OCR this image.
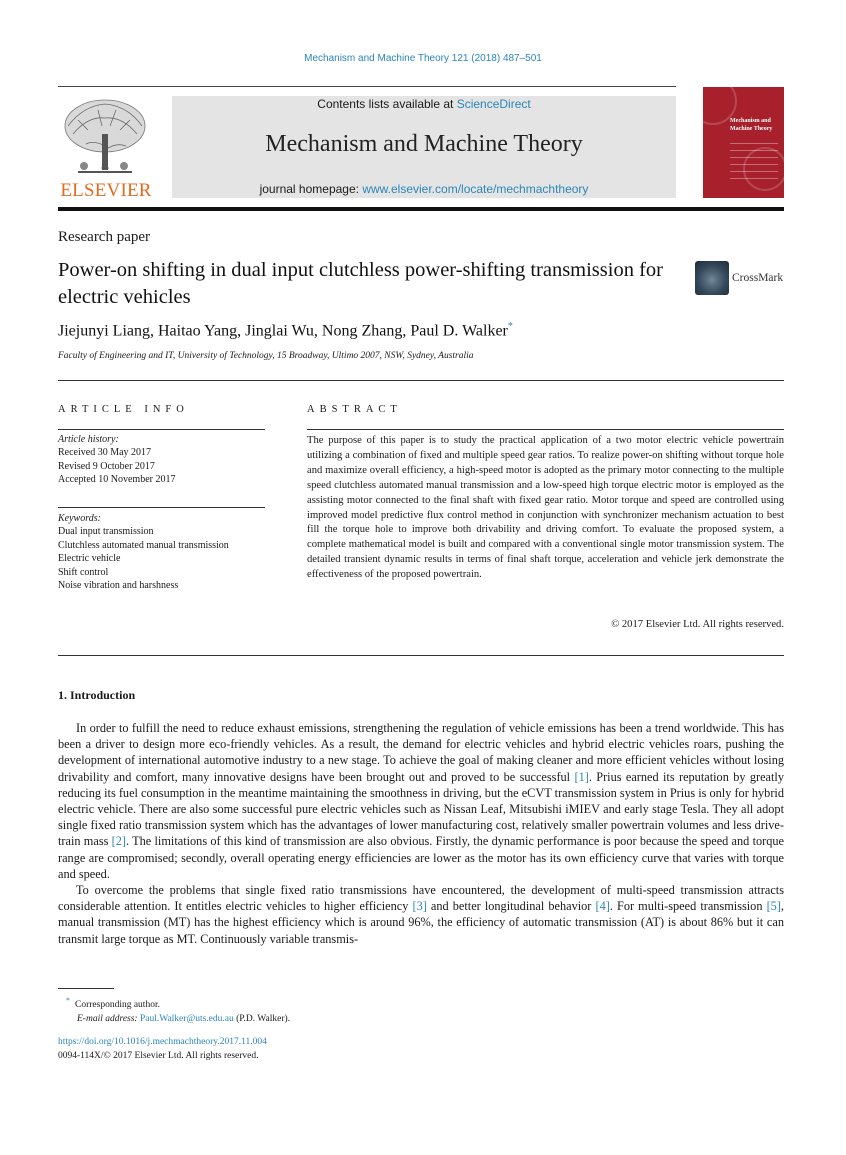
Mechanism and Machine Theory 121 (2018) 487–501
ELSEVIER
Contents lists available at ScienceDirect
Mechanism and Machine Theory
journal homepage: www.elsevier.com/locate/mechmachtheory
Mechanism and Machine Theory
Research paper
Power-on shifting in dual input clutchless power-shifting transmission for electric vehicles
CrossMark
Jiejunyi Liang, Haitao Yang, Jinglai Wu, Nong Zhang, Paul D. Walker*
Faculty of Engineering and IT, University of Technology, 15 Broadway, Ultimo 2007, NSW, Sydney, Australia
ARTICLE INFO
Article history:
Received 30 May 2017
Revised 9 October 2017
Accepted 10 November 2017
Keywords:
Dual input transmission
Clutchless automated manual transmission
Electric vehicle
Shift control
Noise vibration and harshness
ABSTRACT
The purpose of this paper is to study the practical application of a two motor electric vehicle powertrain utilizing a combination of fixed and multiple speed gear ratios. To realize power-on shifting without torque hole and maximize overall efficiency, a high-speed motor is adopted as the primary motor connecting to the multiple speed clutchless automated manual transmission and a low-speed high torque electric motor is employed as the assisting motor connected to the final shaft with fixed gear ratio. Motor torque and speed are controlled using improved model predictive flux control method in conjunction with synchronizer mechanism actuation to best fill the torque hole to improve both drivability and driving comfort. To evaluate the proposed system, a complete mathematical model is built and compared with a conventional single motor transmission system. The detailed transient dynamic results in terms of final shaft torque, acceleration and vehicle jerk demonstrate the effectiveness of the proposed powertrain.
© 2017 Elsevier Ltd. All rights reserved.
1. Introduction

In order to fulfill the need to reduce exhaust emissions, strengthening the regulation of vehicle emissions has been a trend worldwide. This has been a driver to design more eco-friendly vehicles. As a result, the demand for electric vehicles and hybrid electric vehicles roars, pushing the development of international automotive industry to a new stage. To achieve the goal of making cleaner and more efficient vehicles without losing drivability and comfort, many innovative designs have been brought out and proved to be successful [1]. Prius earned its reputation by greatly reducing its fuel consumption in the meantime maintaining the smoothness in driving, but the eCVT transmission system in Prius is only for hybrid electric vehicle. There are also some successful pure electric vehicles such as Nissan Leaf, Mitsubishi iMIEV and early stage Tesla. They all adopt single fixed ratio transmission system which has the advantages of lower manufacturing cost, relatively smaller powertrain volumes and less drive-train mass [2]. The limitations of this kind of transmission are also obvious. Firstly, the dynamic performance is poor because the speed and torque range are compromised; secondly, overall operating energy efficiencies are lower as the motor has its own efficiency curve that varies with torque and speed.

To overcome the problems that single fixed ratio transmissions have encountered, the development of multi-speed transmission attracts considerable attention. It entitles electric vehicles to higher efficiency [3] and better longitudinal behavior [4]. For multi-speed transmission [5], manual transmission (MT) has the highest efficiency which is around 96%, the efficiency of automatic transmission (AT) is about 86% but it can transmit large torque as MT. Continuously variable transmis-

* Corresponding author.
E-mail address: Paul.Walker@uts.edu.au (P.D. Walker).
https://doi.org/10.1016/j.mechmachtheory.2017.11.004
0094-114X/© 2017 Elsevier Ltd. All rights reserved.
